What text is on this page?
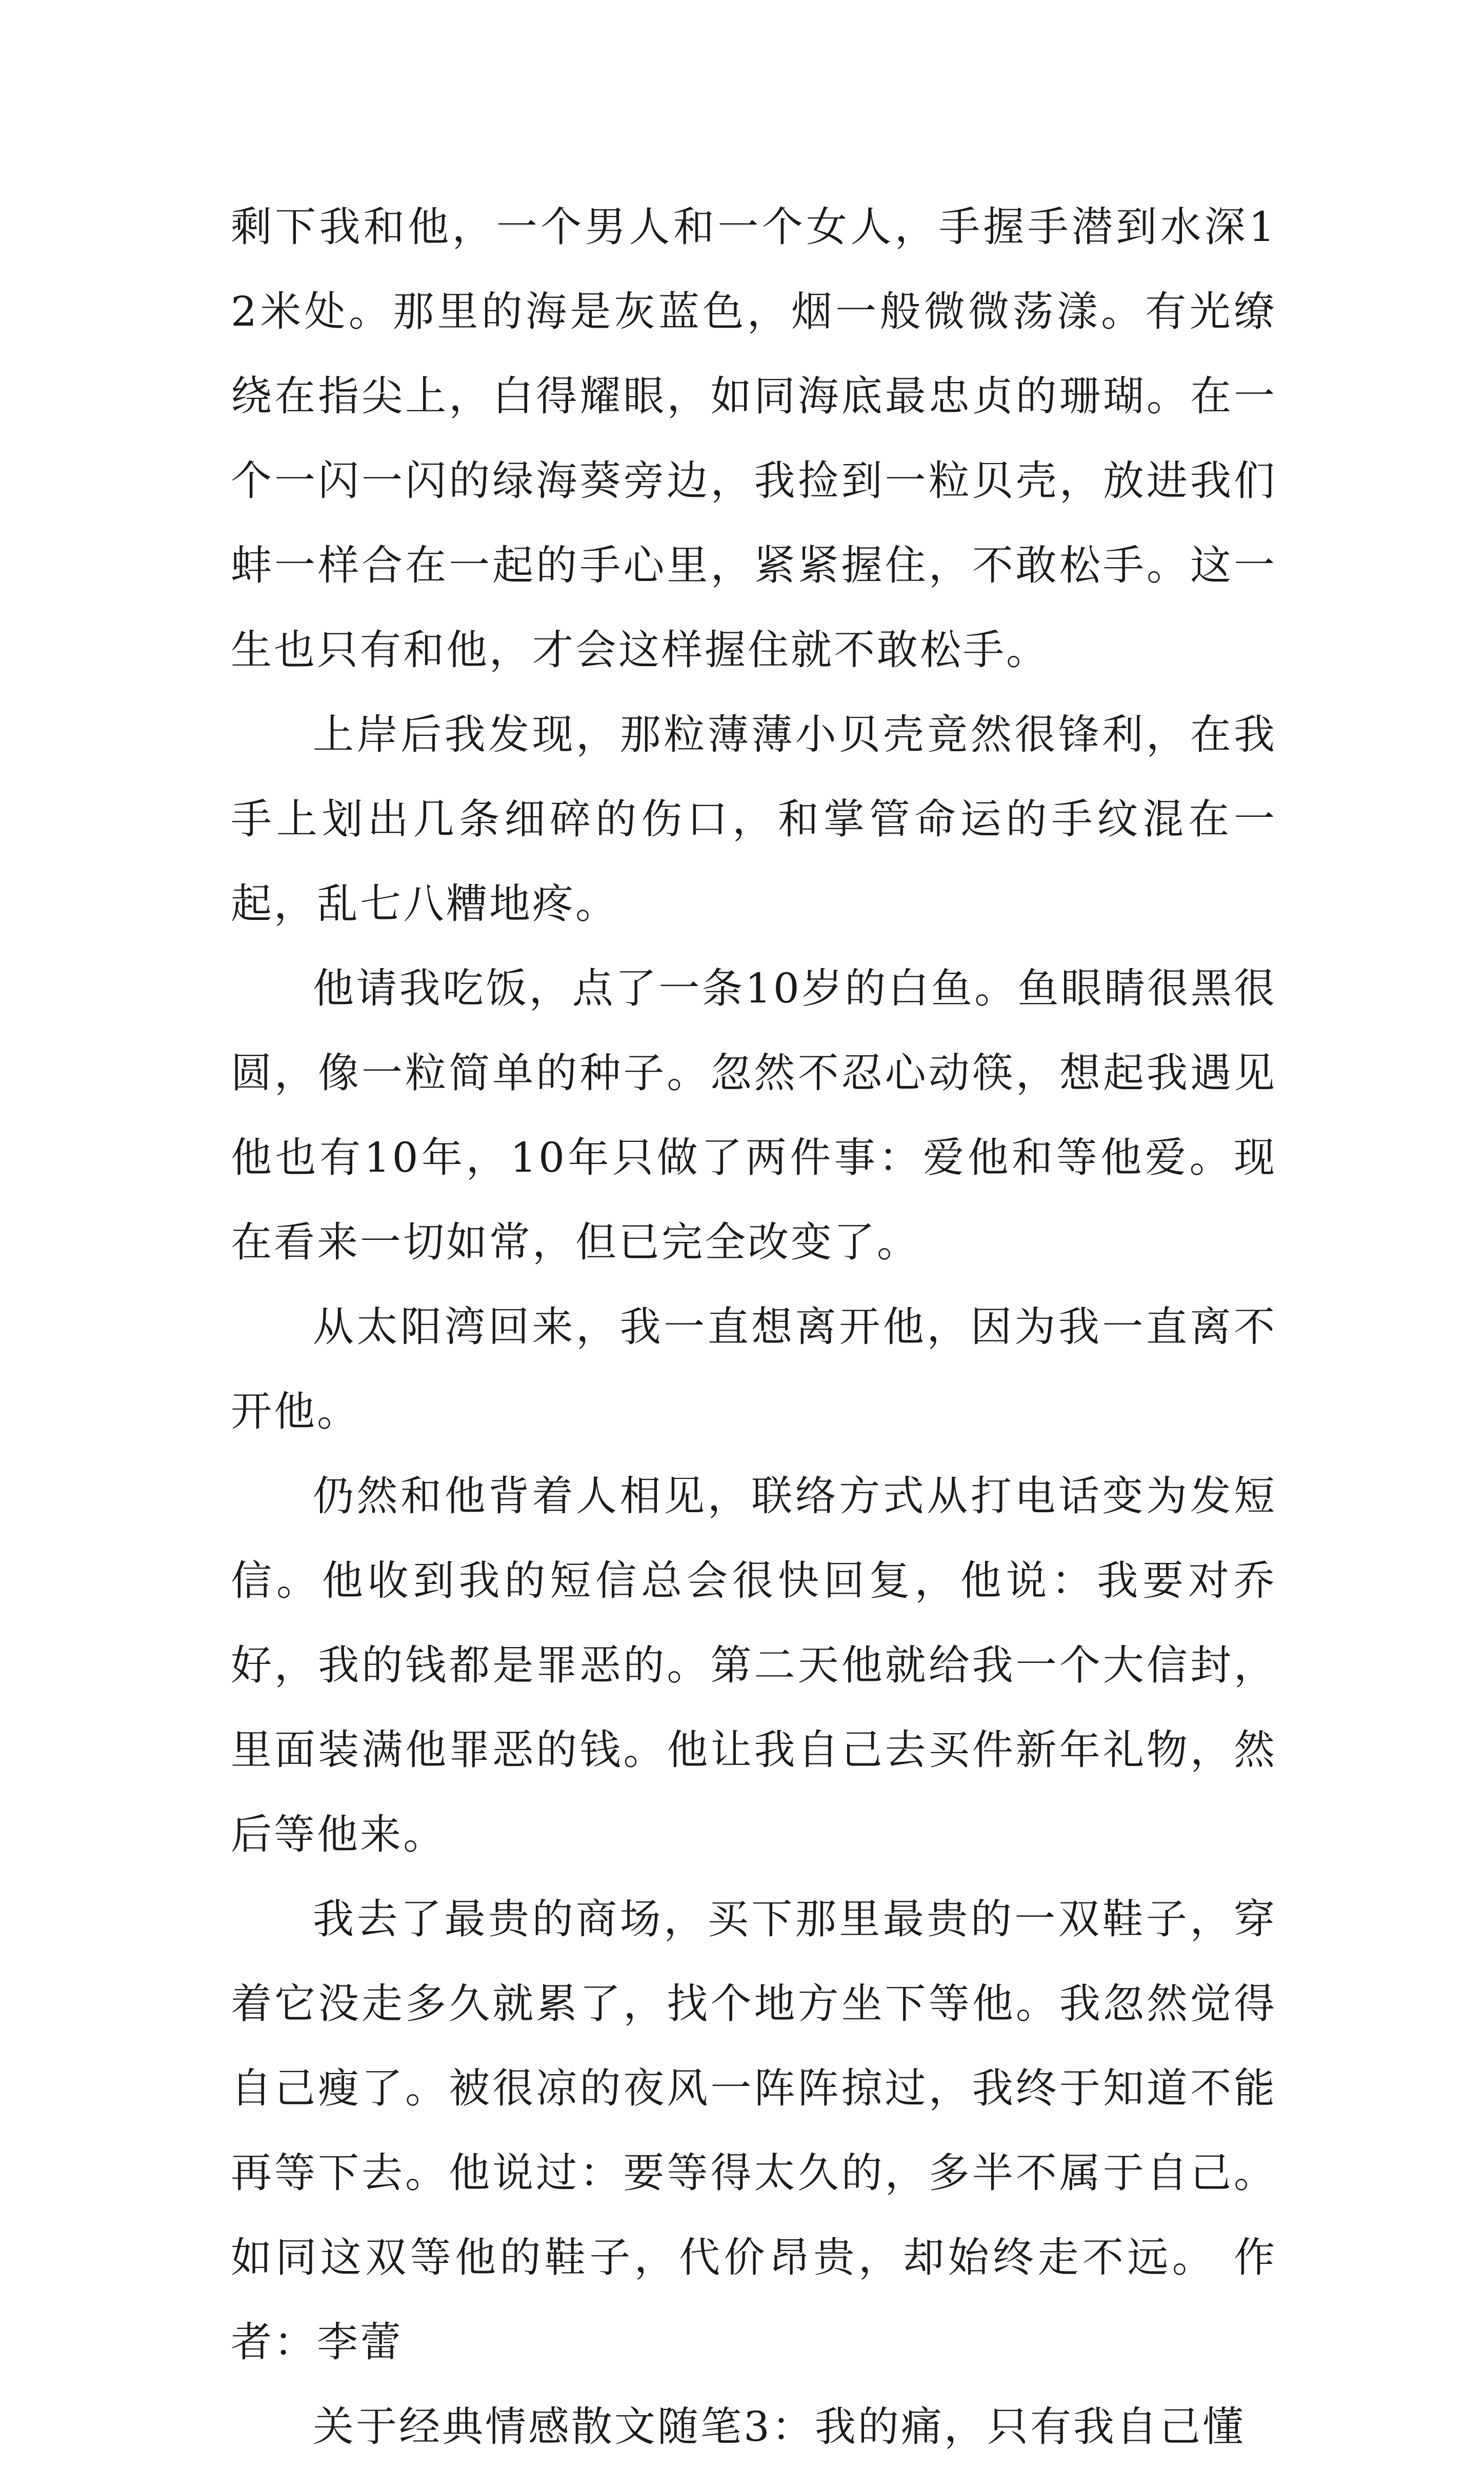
剩下我和他，一个男人和一个女人，手握手潜到水深12米处。那里的海是灰蓝色，烟一般微微荡漾。有光缭绕在指尖上，白得耀眼，如同海底最忠贞的珊瑚。在一个一闪一闪的绿海葵旁边，我捡到一粒贝壳，放进我们蚌一样合在一起的手心里，紧紧握住，不敢松手。这一生也只有和他，才会这样握住就不敢松手。

上岸后我发现，那粒薄薄小贝壳竟然很锋利，在我手上划出几条细碎的伤口，和掌管命运的手纹混在一起，乱七八糟地疼。

他请我吃饭，点了一条10岁的白鱼。鱼眼睛很黑很圆，像一粒简单的种子。忽然不忍心动筷，想起我遇见他也有10年，10年只做了两件事：爱他和等他爱。现在看来一切如常，但已完全改变了。

从太阳湾回来，我一直想离开他，因为我一直离不开他。

仍然和他背着人相见，联络方式从打电话变为发短信。他收到我的短信总会很快回复，他说：我要对乔好，我的钱都是罪恶的。第二天他就给我一个大信封，里面装满他罪恶的钱。他让我自己去买件新年礼物，然后等他来。

我去了最贵的商场，买下那里最贵的一双鞋子，穿着它没走多久就累了，找个地方坐下等他。我忽然觉得自己瘦了。被很凉的夜风一阵阵掠过，我终于知道不能再等下去。他说过：要等得太久的，多半不属于自己。如同这双等他的鞋子，代价昂贵，却始终走不远。 作者：李蕾

关于经典情感散文随笔3：我的痛，只有我自己懂
